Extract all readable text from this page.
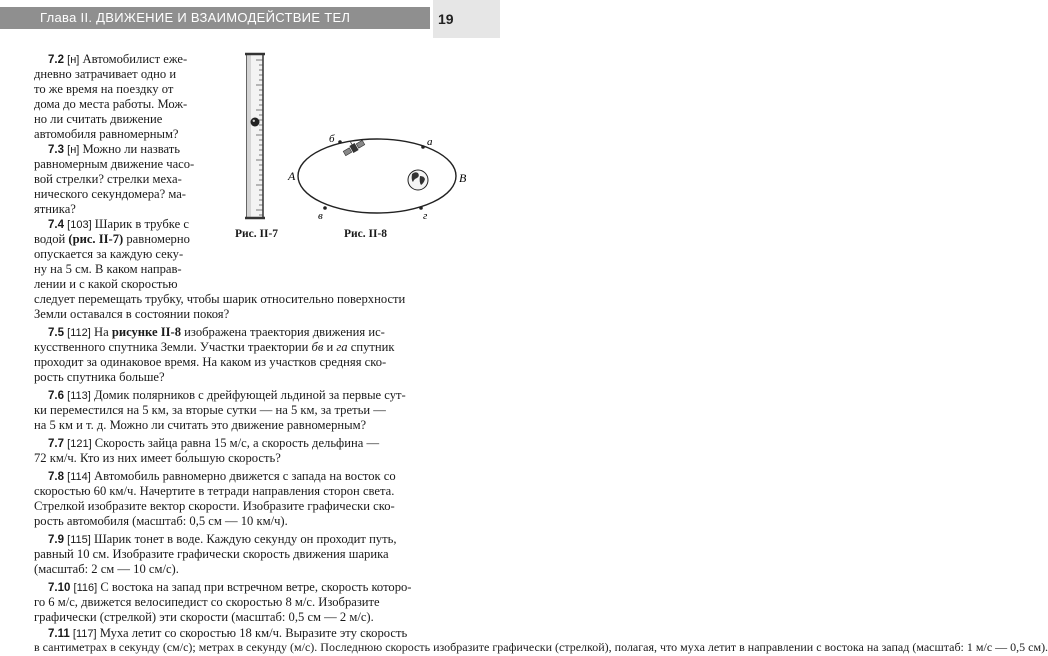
Глава II. ДВИЖЕНИЕ И ВЗАИМОДЕЙСТВИЕ ТЕЛ	19
б	а
A	B
в	г
Рис. II-7	Рис. II-8
7.2 [н] Автомобилист еже-
дневно затрачивает одно и
то же время на поездку от
дома до места работы. Мож-
но ли считать движение
автомобиля равномерным?
7.3 [н] Можно ли назвать
равномерным движение часо-
вой стрелки? стрелки меха-
нического секундомера? ма-
ятника?
7.4 [103] Шарик в трубке с
водой (рис. II-7) равномерно
опускается за каждую секу-
ну на 5 см. В каком направ-
лении и с какой скоростью
следует перемещать трубку, чтобы шарик относительно поверхности
Земли оставался в состоянии покоя?
7.5 [112] На рисунке II-8 изображена траектория движения ис-
кусственного спутника Земли. Участки траектории бв и га спутник
проходит за одинаковое время. На каком из участков средняя ско-
рость спутника больше?
7.6 [113] Домик полярников с дрейфующей льдиной за первые сут-
ки переместился на 5 км, за вторые сутки — на 5 км, за третьи —
на 5 км и т. д. Можно ли считать это движение равномерным?
7.7 [121] Скорость зайца равна 15 м/с, а скорость дельфина —
72 км/ч. Кто из них имеет бо́льшую скорость?
7.8 [114] Автомобиль равномерно движется с запада на восток со
скоростью 60 км/ч. Начертите в тетради направления сторон света.
Стрелкой изобразите вектор скорости. Изобразите графически ско-
рость автомобиля (масштаб: 0,5 см — 10 км/ч).
7.9 [115] Шарик тонет в воде. Каждую секунду он проходит путь,
равный 10 см. Изобразите графически скорость движения шарика
(масштаб: 2 см — 10 см/с).
7.10 [116] С востока на запад при встречном ветре, скорость которо-
го 6 м/с, движется велосипедист со скоростью 8 м/с. Изобразите
графически (стрелкой) эти скорости (масштаб: 0,5 см — 2 м/с).
7.11 [117] Муха летит со скоростью 18 км/ч. Выразите эту скорость
в сантиметрах в секунду (см/с); метрах в секунду (м/с). Последнюю скорость изобразите графически (стрелкой), полагая, что муха летит в направлении с востока на запад (масштаб: 1 м/с — 0,5 см).
